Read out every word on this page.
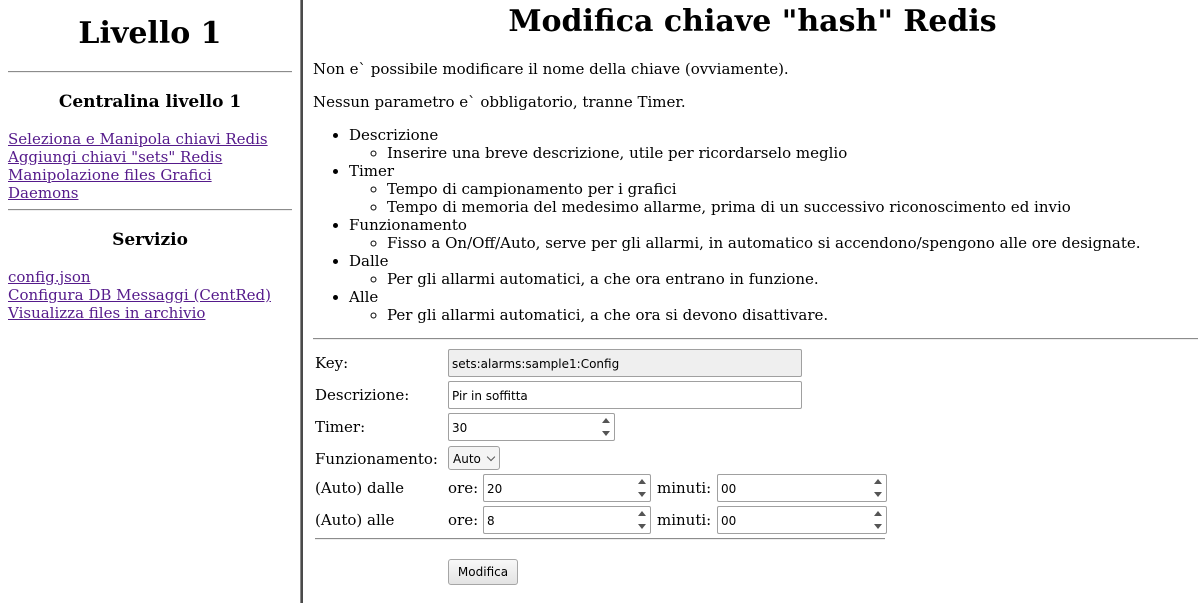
Livello 1
Centralina livello 1
Seleziona e Manipola chiavi Redis
Aggiungi chiavi "sets" Redis
Manipolazione files Grafici
Daemons
Servizio
config.json
Configura DB Messaggi (CentRed)
Visualizza files in archivio
Modifica chiave "hash" Redis

Non e` possibile modificare il nome della chiave (ovviamente).

Nessun parametro e` obbligatorio, tranne Timer.

• Descrizione
◦ Inserire una breve descrizione, utile per ricordarselo meglio
• Timer
◦ Tempo di campionamento per i grafici
◦ Tempo di memoria del medesimo allarme, prima di un successivo riconoscimento ed invio
• Funzionamento
◦ Fisso a On/Off/Auto, serve per gli allarmi, in automatico si accendono/spengono alle ore designate.
• Dalle
◦ Per gli allarmi automatici, a che ora entrano in funzione.
• Alle
◦ Per gli allarmi automatici, a che ora si devono disattivare.
Key:	sets:alarms:sample1:Config
Descrizione:	Pir in soffitta
Timer:	30
Funzionamento:	Auto
(Auto) dalle	ore: 20	minuti: 00
(Auto) alle	ore: 8	minuti: 00
Modifica
